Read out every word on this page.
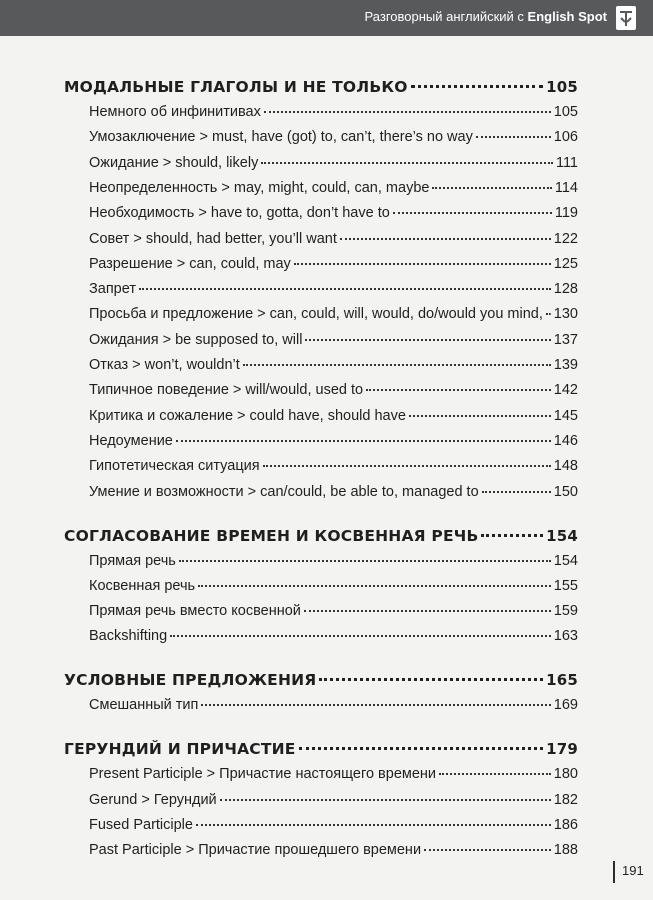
Разговорный английский с English Spot
МОДАЛЬНЫЕ ГЛАГОЛЫ И НЕ ТОЛЬКО	105
Немного об инфинитивах	105
Умозаключение > must, have (got) to, can’t, there’s no way	106
Ожидание > should, likely	111
Неопределенность > may, might, could, can, maybe	114
Необходимость > have to, gotta, don’t have to	119
Совет > should, had better, you’ll want	122
Разрешение > can, could, may	125
Запрет	128
Просьба и предложение > can, could, will, would, do/would you mind, 130
Ожидания > be supposed to, will	137
Отказ > won’t, wouldn’t	139
Типичное поведение > will/would, used to	142
Критика и сожаление > could have, should have	145
Недоумение	146
Гипотетическая ситуация	148
Умение и возможности > can/could, be able to, managed to	150
СОГЛАСОВАНИЕ ВРЕМЕН И КОСВЕННАЯ РЕЧЬ	154
Прямая речь	154
Косвенная речь	155
Прямая речь вместо косвенной	159
Backshifting	163
УСЛОВНЫЕ ПРЕДЛОЖЕНИЯ	165
Смешанный тип	169
ГЕРУНДИЙ И ПРИЧАСТИЕ	179
Present Participle > Причастие настоящего времени	180
Gerund > Герундий	182
Fused Participle	186
Past Participle > Причастие прошедшего времени	188
191
